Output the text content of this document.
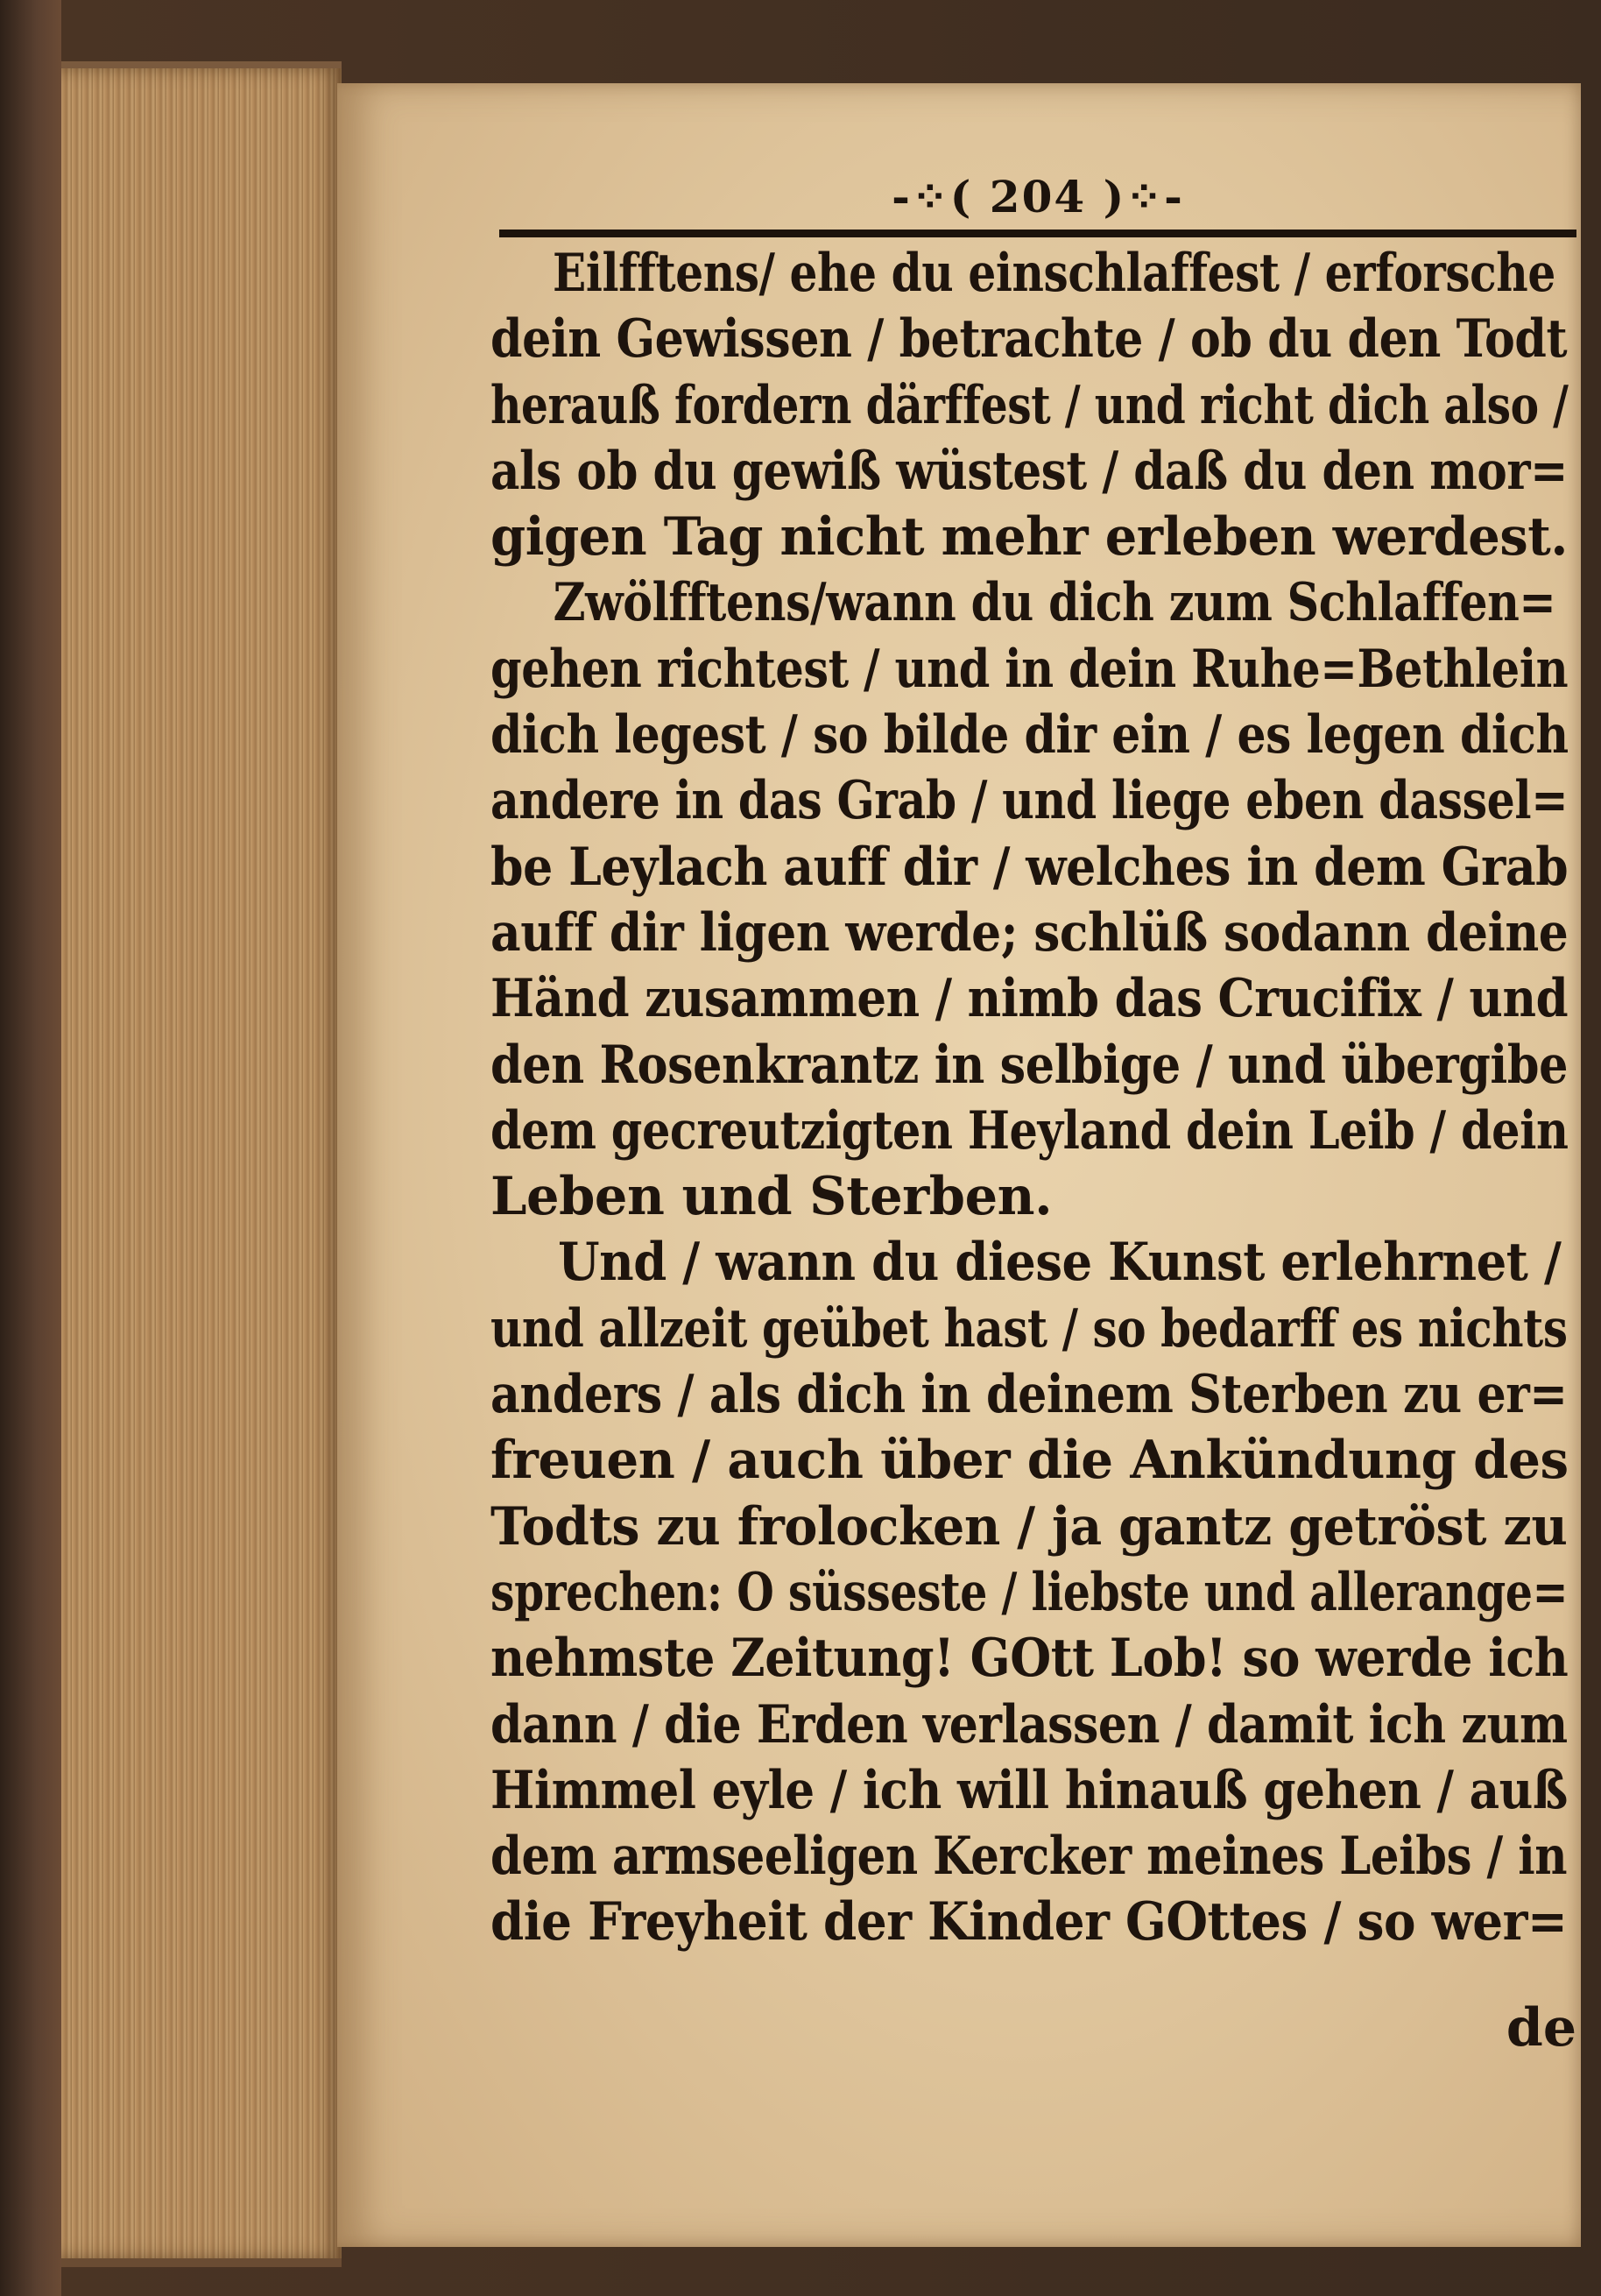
-⁘( 204 )⁘-
Eilfftens/ ehe du einschlaffest / erforsche
dein Gewissen / betrachte / ob du den Todt
herauß fordern därffest / und richt dich also /
als ob du gewiß wüstest / daß du den mor=
gigen Tag nicht mehr erleben werdest.
Zwölfftens/wann du dich zum Schlaffen=
gehen richtest / und in dein Ruhe=Bethlein
dich legest / so bilde dir ein / es legen dich
andere in das Grab / und liege eben dassel=
be Leylach auff dir / welches in dem Grab
auff dir ligen werde; schlüß sodann deine
Händ zusammen / nimb das Crucifix / und
den Rosenkrantz in selbige / und übergibe
dem gecreutzigten Heyland dein Leib / dein
Leben und Sterben.
Und / wann du diese Kunst erlehrnet /
und allzeit geübet hast / so bedarff es nichts
anders / als dich in deinem Sterben zu er=
freuen / auch über die Ankündung des
Todts zu frolocken / ja gantz getröst zu
sprechen: O süsseste / liebste und allerange=
nehmste Zeitung! GOtt Lob! so werde ich
dann / die Erden verlassen / damit ich zum
Himmel eyle / ich will hinauß gehen / auß
dem armseeligen Kercker meines Leibs / in
die Freyheit der Kinder GOttes / so wer=
de
